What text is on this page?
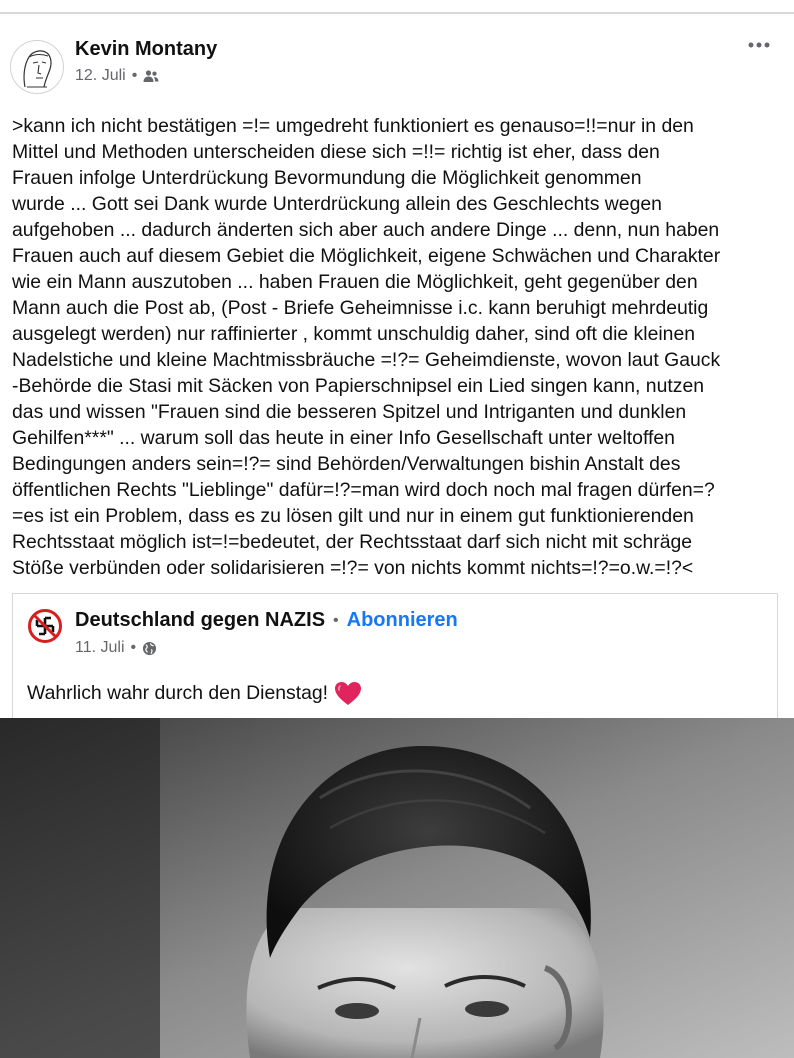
Kevin Montany
12. Juli •

>kann ich nicht bestätigen =!= umgedreht funktioniert es genauso=!!=nur in den
Mittel und Methoden unterscheiden diese sich =!!= richtig ist eher, dass den
Frauen infolge Unterdrückung Bevormundung die Möglichkeit genommen
wurde ... Gott sei Dank wurde Unterdrückung allein des Geschlechts wegen
aufgehoben ... dadurch änderten sich aber auch andere Dinge ... denn, nun haben
Frauen auch auf diesem Gebiet die Möglichkeit, eigene Schwächen und Charakter
wie ein Mann auszutoben ... haben Frauen die Möglichkeit, geht gegenüber den
Mann auch die Post ab, (Post - Briefe Geheimnisse i.c. kann beruhigt mehrdeutig
ausgelegt werden) nur raffinierter , kommt unschuldig daher, sind oft die kleinen
Nadelstiche und kleine Machtmissbräuche =!?= Geheimdienste, wovon laut Gauck
-Behörde die Stasi mit Säcken von Papierschnipsel ein Lied singen kann, nutzen
das und wissen "Frauen sind die besseren Spitzel und Intriganten und dunklen
Gehilfen***" ... warum soll das heute in einer Info Gesellschaft unter weltoffen
Bedingungen anders sein=!?= sind Behörden/Verwaltungen bishin Anstalt des
öffentlichen Rechts "Lieblinge" dafür=!?=man wird doch noch mal fragen dürfen=?
=es ist ein Problem, dass es zu lösen gilt und nur in einem gut funktionierenden
Rechtsstaat möglich ist=!=bedeutet, der Rechtsstaat darf sich nicht mit schräge
Stöße verbünden oder solidarisieren =!?= von nichts kommt nichts=!?=o.w.=!?<

Deutschland gegen NAZIS • Abonnieren
11. Juli •
Wahrlich wahr durch den Dienstag!
